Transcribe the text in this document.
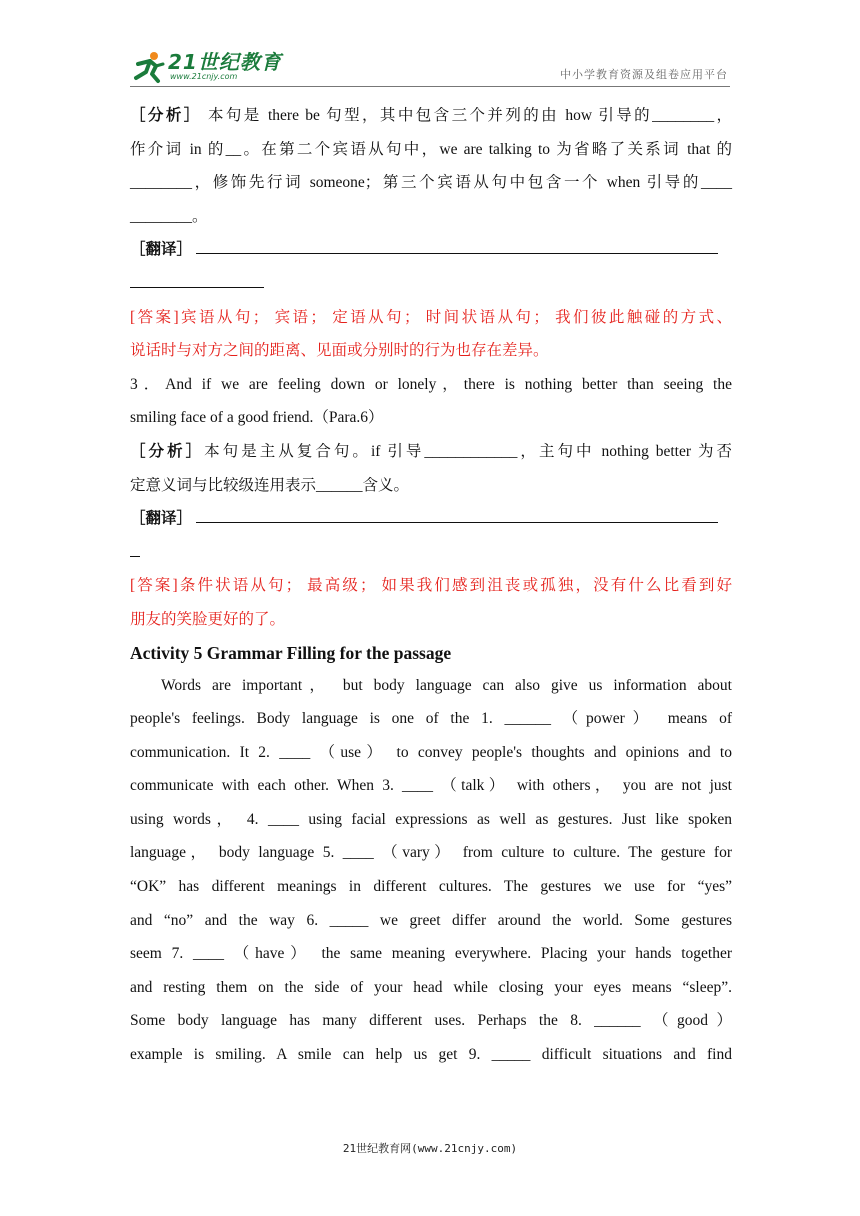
21世纪教育
www.21cnjy.com	中小学教育资源及组卷应用平台

［分析］ 本句是 there be 句型，其中包含三个并列的由 how 引导的________，

作介词 in 的__。在第二个宾语从句中，we are talking to 为省略了关系词 that 的

________，修饰先行词 someone；第三个宾语从句中包含一个 when 引导的____

________。

［翻译］

[答案]宾语从句； 宾语； 定语从句； 时间状语从句； 我们彼此触碰的方式、

说话时与对方之间的距离、见面或分别时的行为也存在差异。

3．And if we are feeling down or lonely，there is nothing better than seeing the

smiling face of a good friend.（Para.6）

［分析］本句是主从复合句。if 引导____________，主句中 nothing better 为否

定意义词与比较级连用表示______含义。

［翻译］

[答案]条件状语从句； 最高级； 如果我们感到沮丧或孤独，没有什么比看到好

朋友的笑脸更好的了。

Activity 5 Grammar Filling for the passage

Words are important， but body language can also give us information about

people's feelings. Body language is one of the 1. ______ （power） means of

communication. It 2. ____ （use） to convey people's thoughts and opinions and to

communicate with each other. When 3. ____ （talk） with others， you are not just

using words， 4. ____ using facial expressions as well as gestures. Just like spoken

language， body language 5. ____ （vary） from culture to culture. The gesture for

“OK” has different meanings in different cultures. The gestures we use for “yes”

and “no” and the way 6. _____ we greet differ around the world. Some gestures

seem 7. ____ （have） the same meaning everywhere. Placing your hands together

and resting them on the side of your head while closing your eyes means “sleep”.

Some body language has many different uses. Perhaps the 8. ______ （good）

example is smiling. A smile can help us get 9. _____ difficult situations and find

21世纪教育网(www.21cnjy.com)
